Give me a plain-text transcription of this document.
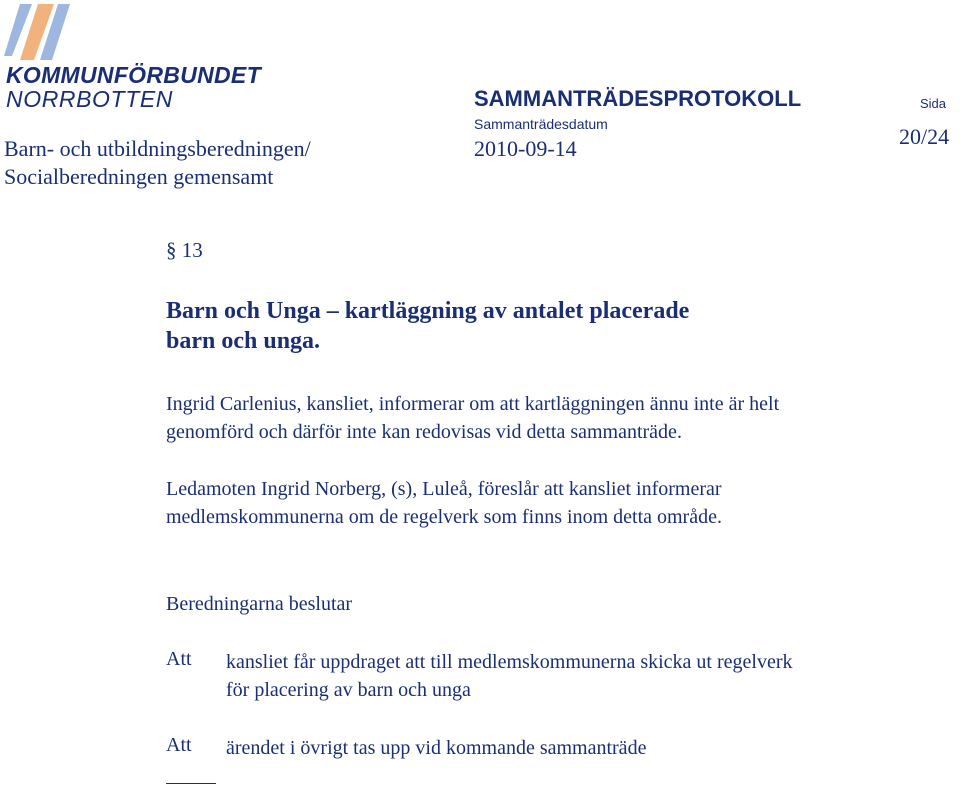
KOMMUNFÖRBUNDET
NORRBOTTEN	SAMMANTRÄDESPROTOKOLL	Sida
Sammanträdesdatum
Barn- och utbildningsberedningen/
Socialberedningen gemensamt
2010-09-14	20/24
§ 13
Barn och Unga – kartläggning av antalet placerade
barn och unga.
Ingrid Carlenius, kansliet, informerar om att kartläggningen ännu inte är helt
genomförd och därför inte kan redovisas vid detta sammanträde.
Ledamoten Ingrid Norberg, (s), Luleå, föreslår att kansliet informerar
medlemskommunerna om de regelverk som finns inom detta område.
Beredningarna beslutar
Att kansliet får uppdraget att till medlemskommunerna skicka ut regelverk
för placering av barn och unga
Att ärendet i övrigt tas upp vid kommande sammanträde
